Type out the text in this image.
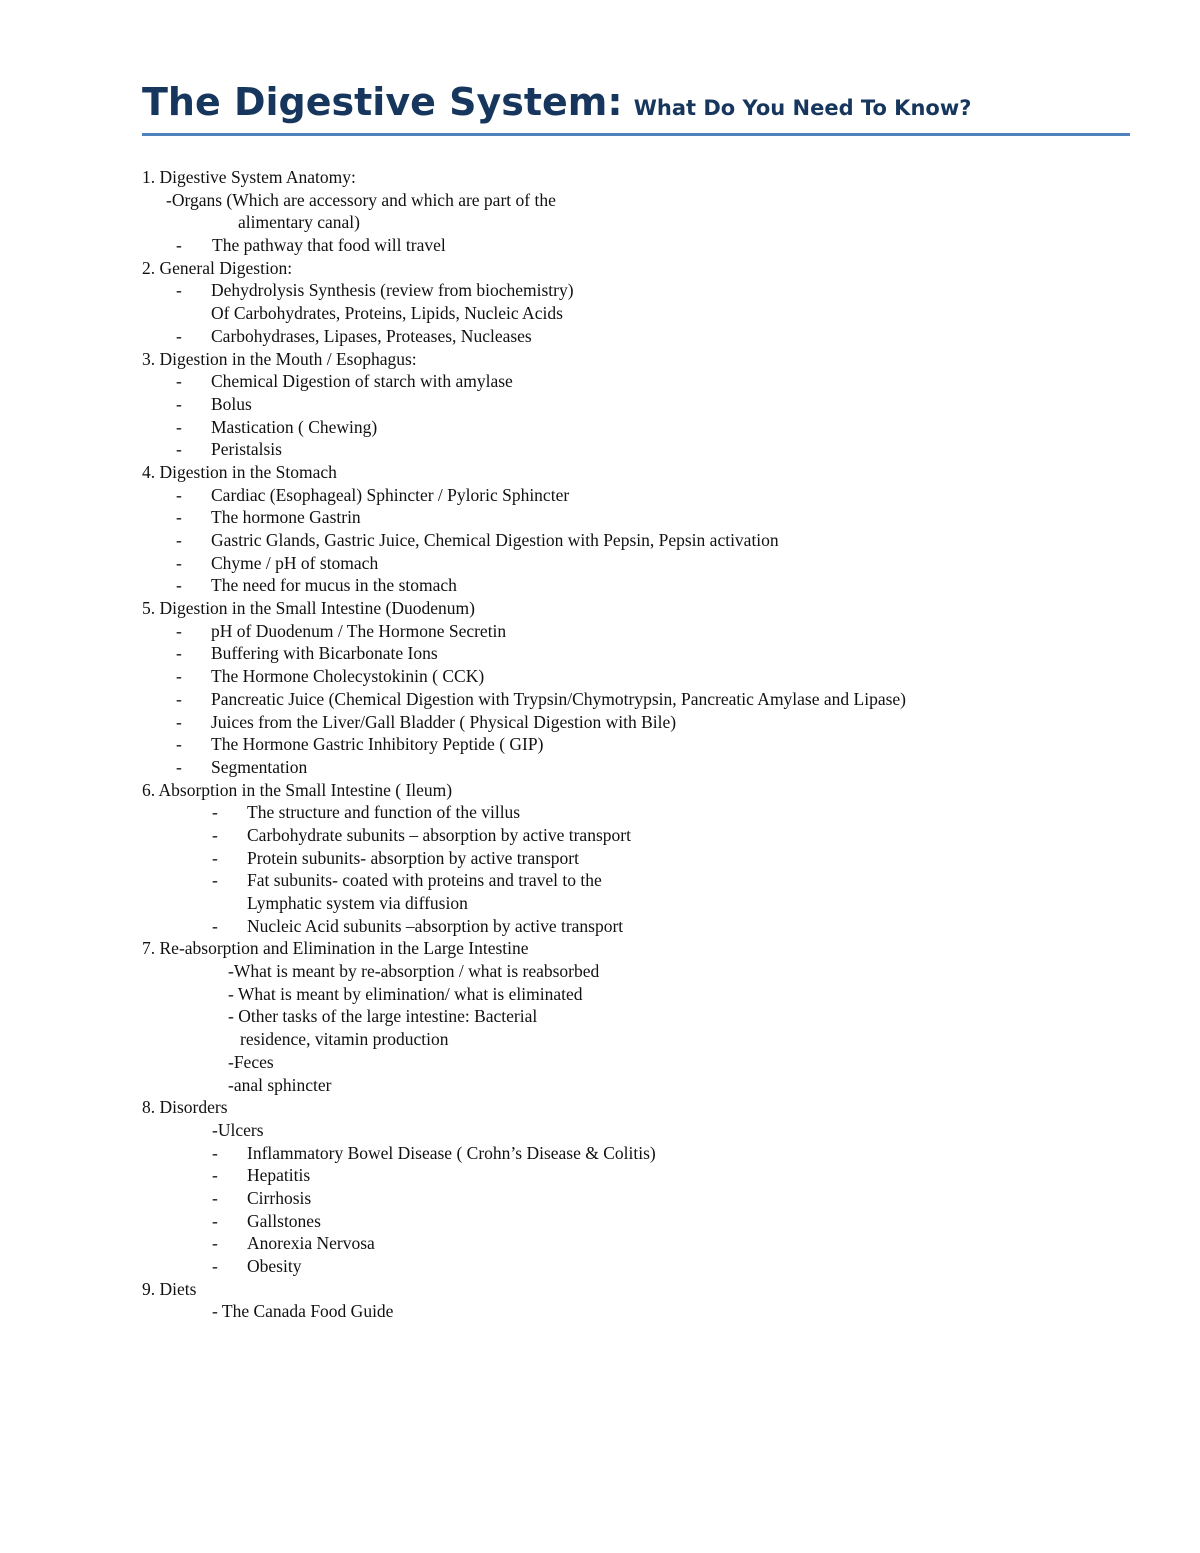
The Digestive System: What Do You Need To Know?
1. Digestive System Anatomy:
-Organs (Which are accessory and which are part of the
alimentary canal)
- The pathway that food will travel
2. General Digestion:
- Dehydrolysis Synthesis (review from biochemistry)
Of Carbohydrates, Proteins, Lipids, Nucleic Acids
- Carbohydrases, Lipases, Proteases, Nucleases
3. Digestion in the Mouth / Esophagus:
- Chemical Digestion of starch with amylase
- Bolus
- Mastication ( Chewing)
- Peristalsis
4. Digestion in the Stomach
- Cardiac (Esophageal) Sphincter / Pyloric Sphincter
- The hormone Gastrin
- Gastric Glands, Gastric Juice, Chemical Digestion with Pepsin, Pepsin activation
- Chyme / pH of stomach
- The need for mucus in the stomach
5. Digestion in the Small Intestine (Duodenum)
- pH of Duodenum / The Hormone Secretin
- Buffering with Bicarbonate Ions
- The Hormone Cholecystokinin ( CCK)
- Pancreatic Juice (Chemical Digestion with Trypsin/Chymotrypsin, Pancreatic Amylase and Lipase)
- Juices from the Liver/Gall Bladder ( Physical Digestion with Bile)
- The Hormone Gastric Inhibitory Peptide ( GIP)
- Segmentation
6. Absorption in the Small Intestine ( Ileum)
- The structure and function of the villus
- Carbohydrate subunits – absorption by active transport
- Protein subunits- absorption by active transport
- Fat subunits- coated with proteins and travel to the
Lymphatic system via diffusion
- Nucleic Acid subunits –absorption by active transport
7. Re-absorption and Elimination in the Large Intestine
-What is meant by re-absorption / what is reabsorbed
- What is meant by elimination/ what is eliminated
- Other tasks of the large intestine: Bacterial
residence, vitamin production
-Feces
-anal sphincter
8. Disorders
-Ulcers
- Inflammatory Bowel Disease ( Crohn’s Disease & Colitis)
- Hepatitis
- Cirrhosis
- Gallstones
- Anorexia Nervosa
- Obesity
9. Diets
- The Canada Food Guide
